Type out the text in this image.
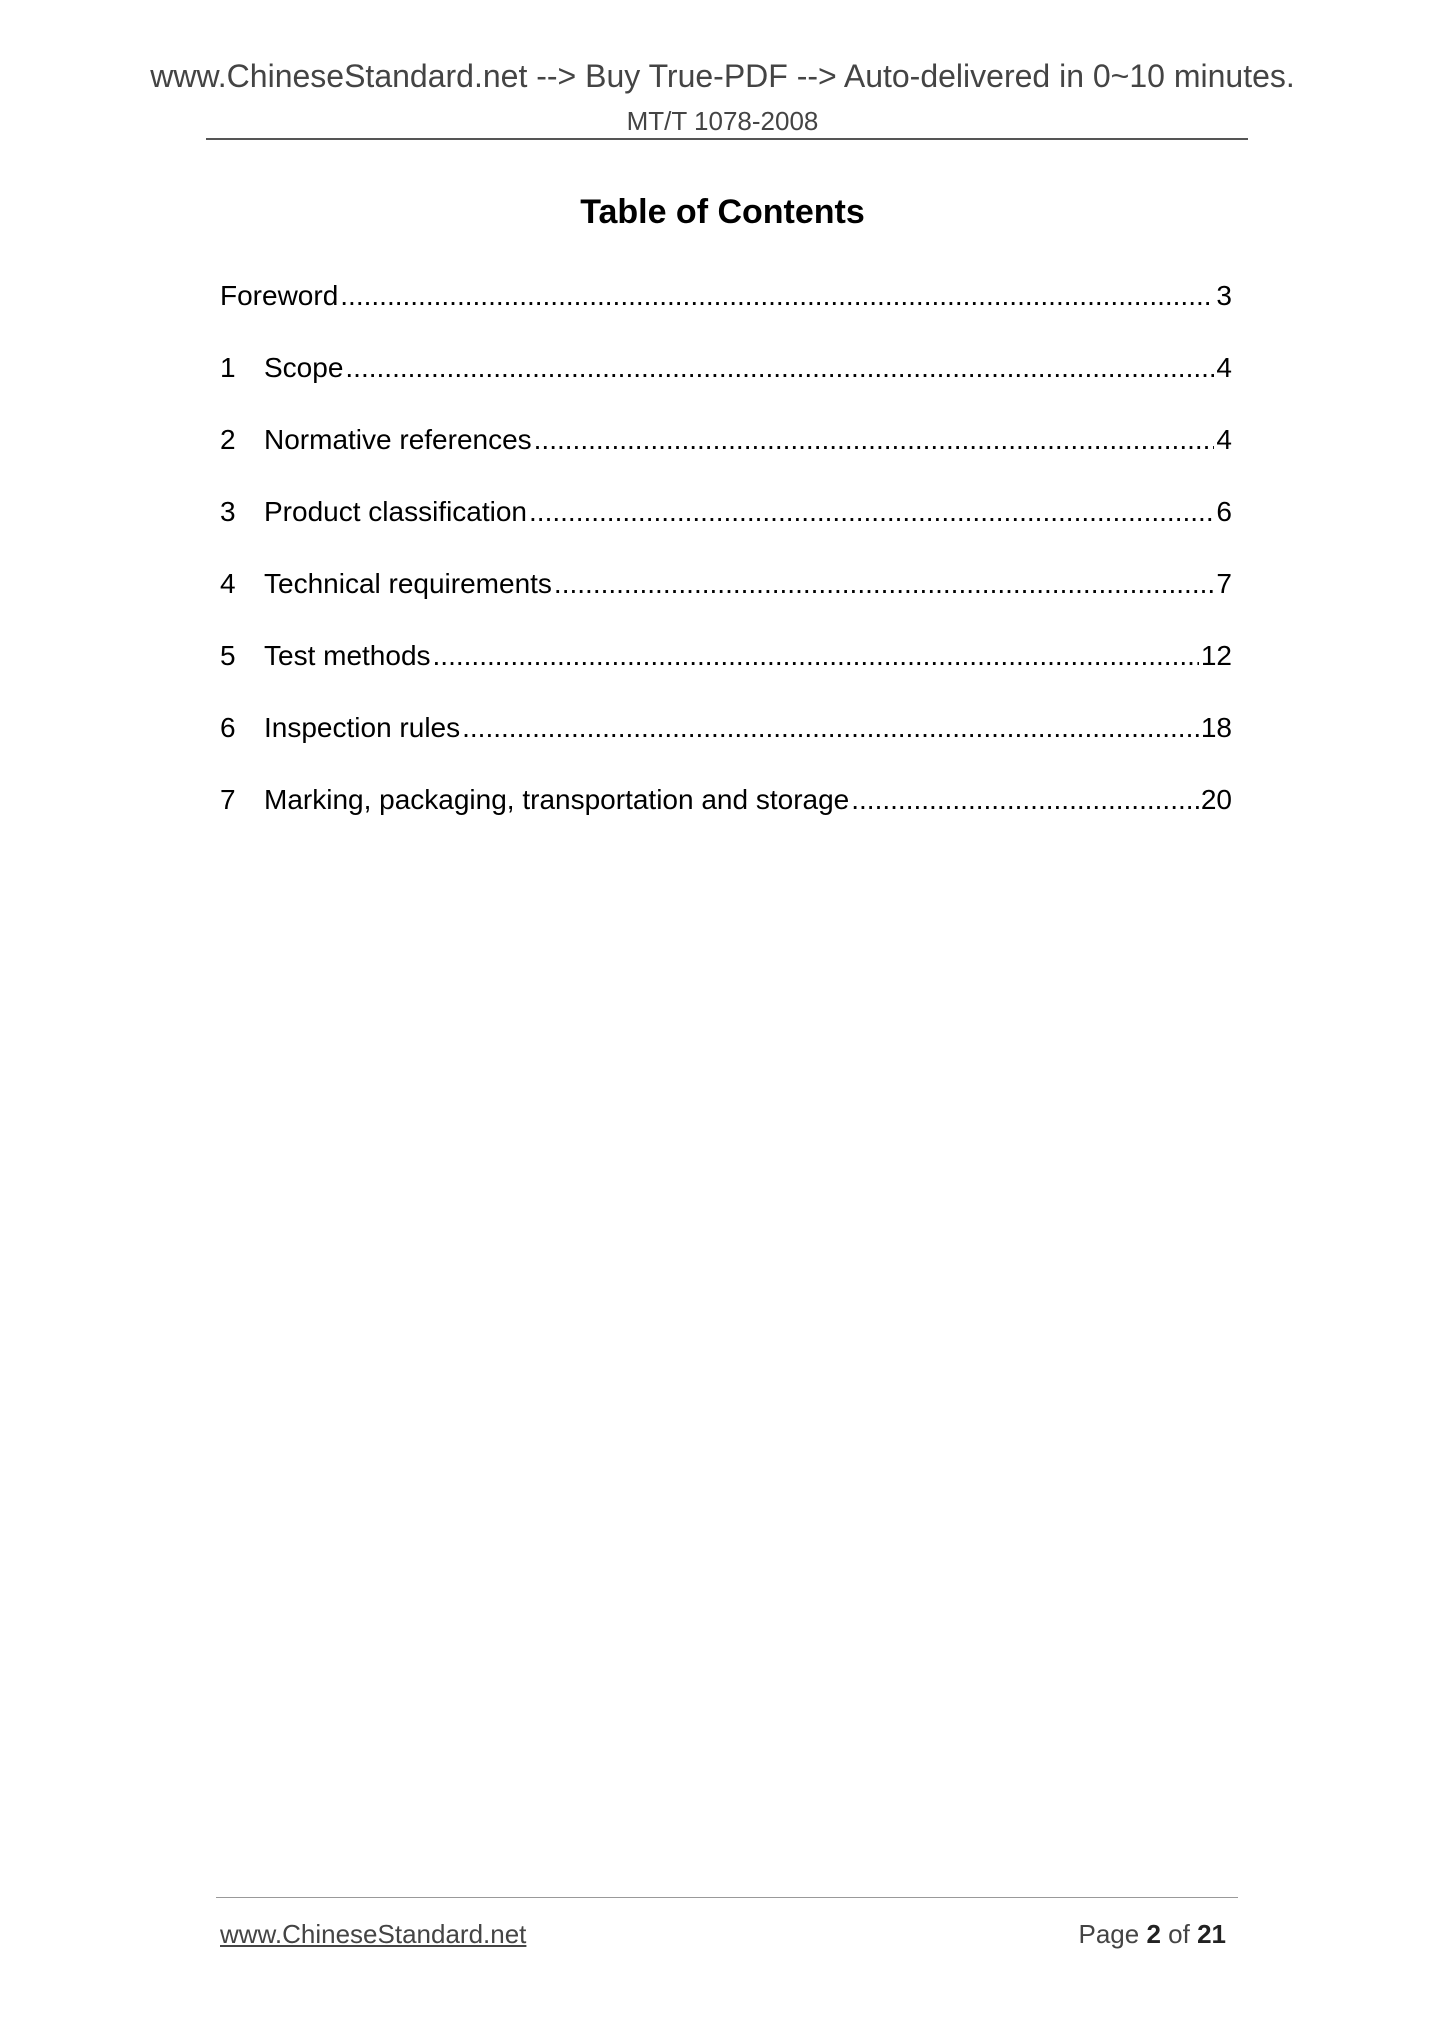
www.ChineseStandard.net --> Buy True-PDF --> Auto-delivered in 0~10 minutes.
MT/T 1078-2008
Table of Contents
Foreword .....	3
1	Scope .....	4
2	Normative references .....	4
3	Product classification .....	6
4	Technical requirements .....	7
5	Test methods .....	12
6	Inspection rules .....	18
7	Marking, packaging, transportation and storage .....	20
www.ChineseStandard.net	Page 2 of 21
